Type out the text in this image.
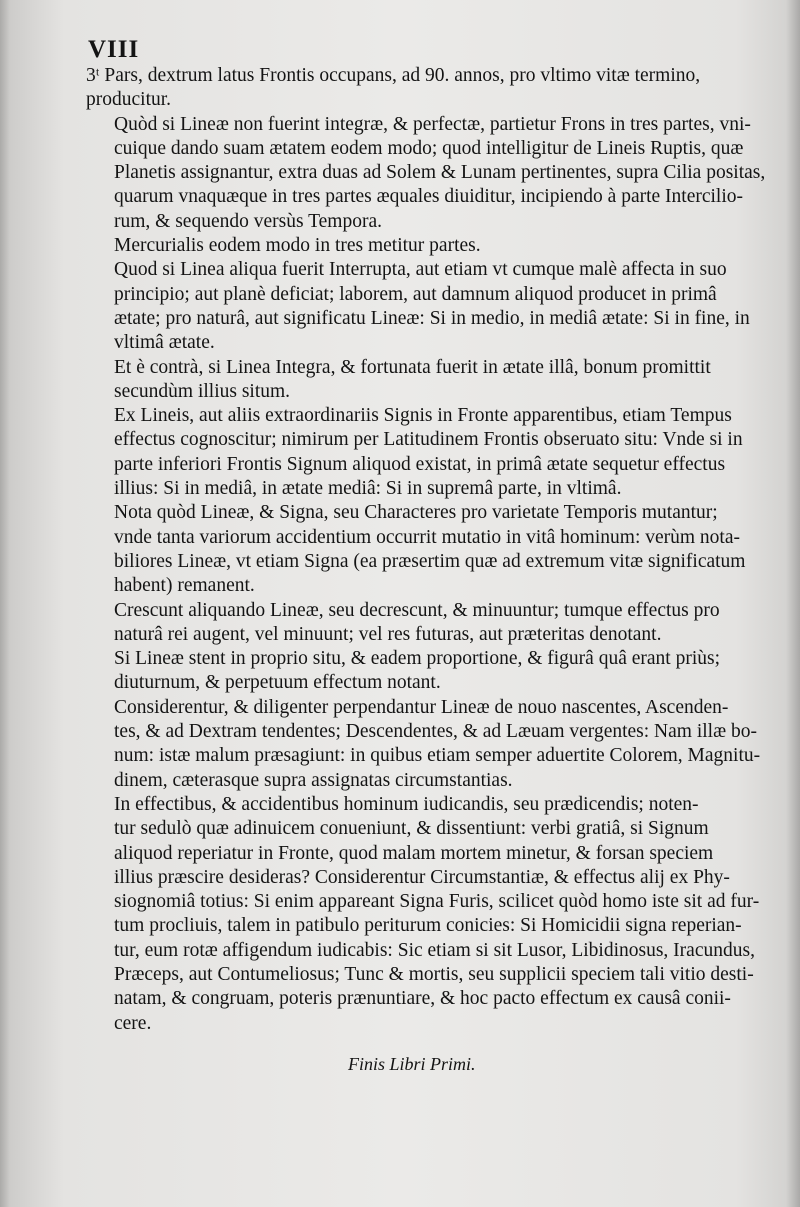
VIII
3ᵗ Pars, dextrum latus Frontis occupans, ad 90. annos, pro vltimo vitæ termino,
producitur.
Quòd si Lineæ non fuerint integræ, & perfectæ, partietur Frons in tres partes, vni-
cuique dando suam ætatem eodem modo; quod intelligitur de Lineis Ruptis, quæ
Planetis assignantur, extra duas ad Solem & Lunam pertinentes, supra Cilia positas,
quarum vnaquæque in tres partes æquales diuiditur, incipiendo à parte Intercilio-
rum, & sequendo versùs Tempora.
Mercurialis eodem modo in tres metitur partes.
Quod si Linea aliqua fuerit Interrupta, aut etiam vt cumque malè affecta in suo
principio; aut planè deficiat; laborem, aut damnum aliquod producet in primâ
ætate; pro naturâ, aut significatu Lineæ: Si in medio, in mediâ ætate: Si in fine, in
vltimâ ætate.
Et è contrà, si Linea Integra, & fortunata fuerit in ætate illâ, bonum promittit
secundùm illius situm.
Ex Lineis, aut aliis extraordinariis Signis in Fronte apparentibus, etiam Tempus
effectus cognoscitur; nimirum per Latitudinem Frontis obseruato situ: Vnde si in
parte inferiori Frontis Signum aliquod existat, in primâ ætate sequetur effectus
illius: Si in mediâ, in ætate mediâ: Si in supremâ parte, in vltimâ.
Nota quòd Lineæ, & Signa, seu Characteres pro varietate Temporis mutantur;
vnde tanta variorum accidentium occurrit mutatio in vitâ hominum: verùm nota-
biliores Lineæ, vt etiam Signa (ea præsertim quæ ad extremum vitæ significatum
habent) remanent.
Crescunt aliquando Lineæ, seu decrescunt, & minuuntur; tumque effectus pro
naturâ rei augent, vel minuunt; vel res futuras, aut præteritas denotant.
Si Lineæ stent in proprio situ, & eadem proportione, & figurâ quâ erant priùs;
diuturnum, & perpetuum effectum notant.
Considerentur, & diligenter perpendantur Lineæ de nouo nascentes, Ascenden-
tes, & ad Dextram tendentes; Descendentes, & ad Læuam vergentes: Nam illæ bo-
num: istæ malum præsagiunt: in quibus etiam semper aduertite Colorem, Magnitu-
dinem, cæterasque supra assignatas circumstantias.
In effectibus, & accidentibus hominum iudicandis, seu prædicendis; noten-
tur sedulò quæ adinuicem conueniunt, & dissentiunt: verbi gratiâ, si Signum
aliquod reperiatur in Fronte, quod malam mortem minetur, & forsan speciem
illius præscire desideras? Considerentur Circumstantiæ, & effectus alij ex Phy-
siognomiâ totius: Si enim appareant Signa Furis, scilicet quòd homo iste sit ad fur-
tum procliuis, talem in patibulo periturum conicies: Si Homicidii signa reperian-
tur, eum rotæ affigendum iudicabis: Sic etiam si sit Lusor, Libidinosus, Iracundus,
Præceps, aut Contumeliosus; Tunc & mortis, seu supplicii speciem tali vitio desti-
natam, & congruam, poteris prænuntiare, & hoc pacto effectum ex causâ conii-
cere.
Finis Libri Primi.
